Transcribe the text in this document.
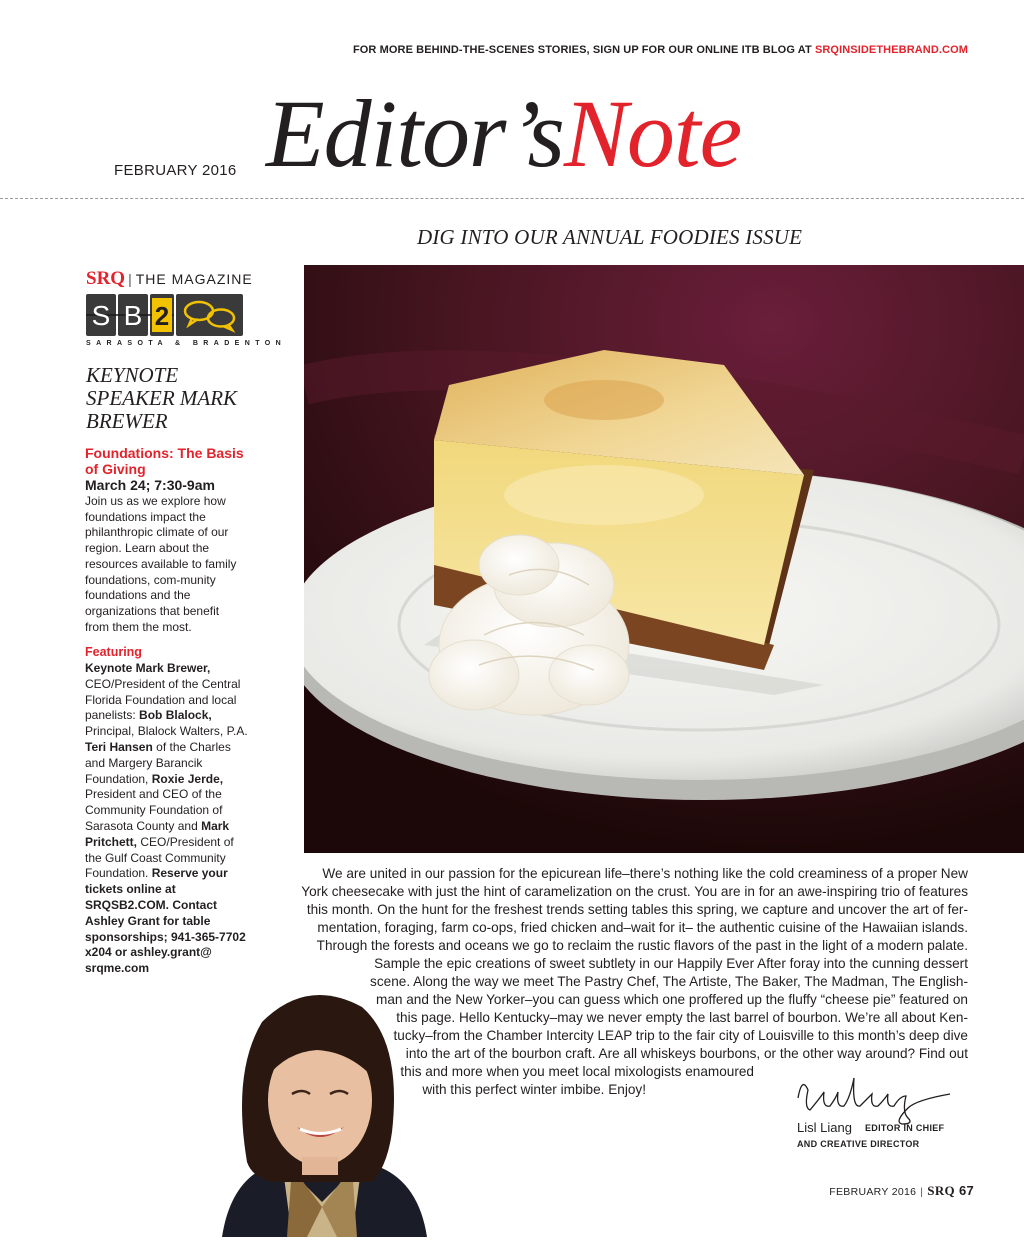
FOR MORE BEHIND-THE-SCENES STORIES, SIGN UP FOR OUR ONLINE ITB BLOG AT SRQINSIDETHEBRAND.COM
FEBRUARY 2016 Editor’sNote
DIG INTO OUR ANNUAL FOODIES ISSUE
SRQ | THE MAGAZINE
S B 2
SARASOTA & BRADENTON
KEYNOTE SPEAKER MARK BREWER
Foundations: The Basis of Giving
March 24; 7:30-9am
Join us as we explore how foundations impact the philanthropic climate of our region. Learn about the resources available to family foundations, com-munity foundations and the organizations that benefit from them the most.
Featuring
Keynote Mark Brewer, CEO/President of the Central Florida Foundation and local panelists: Bob Blalock, Principal, Blalock Walters, P.A. Teri Hansen of the Charles and Margery Barancik Foundation, Roxie Jerde, President and CEO of the Community Foundation of Sarasota County and Mark Pritchett, CEO/President of the Gulf Coast Community Foundation. Reserve your tickets online at SRQSB2.COM. Contact Ashley Grant for table sponsorships; 941-365-7702 x204 or ashley.grant@ srqme.com
We are united in our passion for the epicurean life–there’s nothing like the cold creaminess of a proper New
York cheesecake with just the hint of caramelization on the crust. You are in for an awe-inspiring trio of features
this month. On the hunt for the freshest trends setting tables this spring, we capture and uncover the art of fer-
mentation, foraging, farm co-ops, fried chicken and–wait for it– the authentic cuisine of the Hawaiian islands.
Through the forests and oceans we go to reclaim the rustic flavors of the past in the light of a modern palate.
Sample the epic creations of sweet subtlety in our Happily Ever After foray into the cunning dessert
scene. Along the way we meet The Pastry Chef, The Artiste, The Baker, The Madman, The English-
man and the New Yorker–you can guess which one proffered up the fluffy “cheese pie” featured on
this page. Hello Kentucky–may we never empty the last barrel of bourbon. We’re all about Ken-
tucky–from the Chamber Intercity LEAP trip to the fair city of Louisville to this month’s deep dive
into the art of the bourbon craft. Are all whiskeys bourbons, or the other way around? Find out
this and more when you meet local mixologists enamoured
with this perfect winter imbibe. Enjoy!
Lisl Liang EDITOR IN CHIEF
AND CREATIVE DIRECTOR
FEBRUARY 2016 | SRQ 67
